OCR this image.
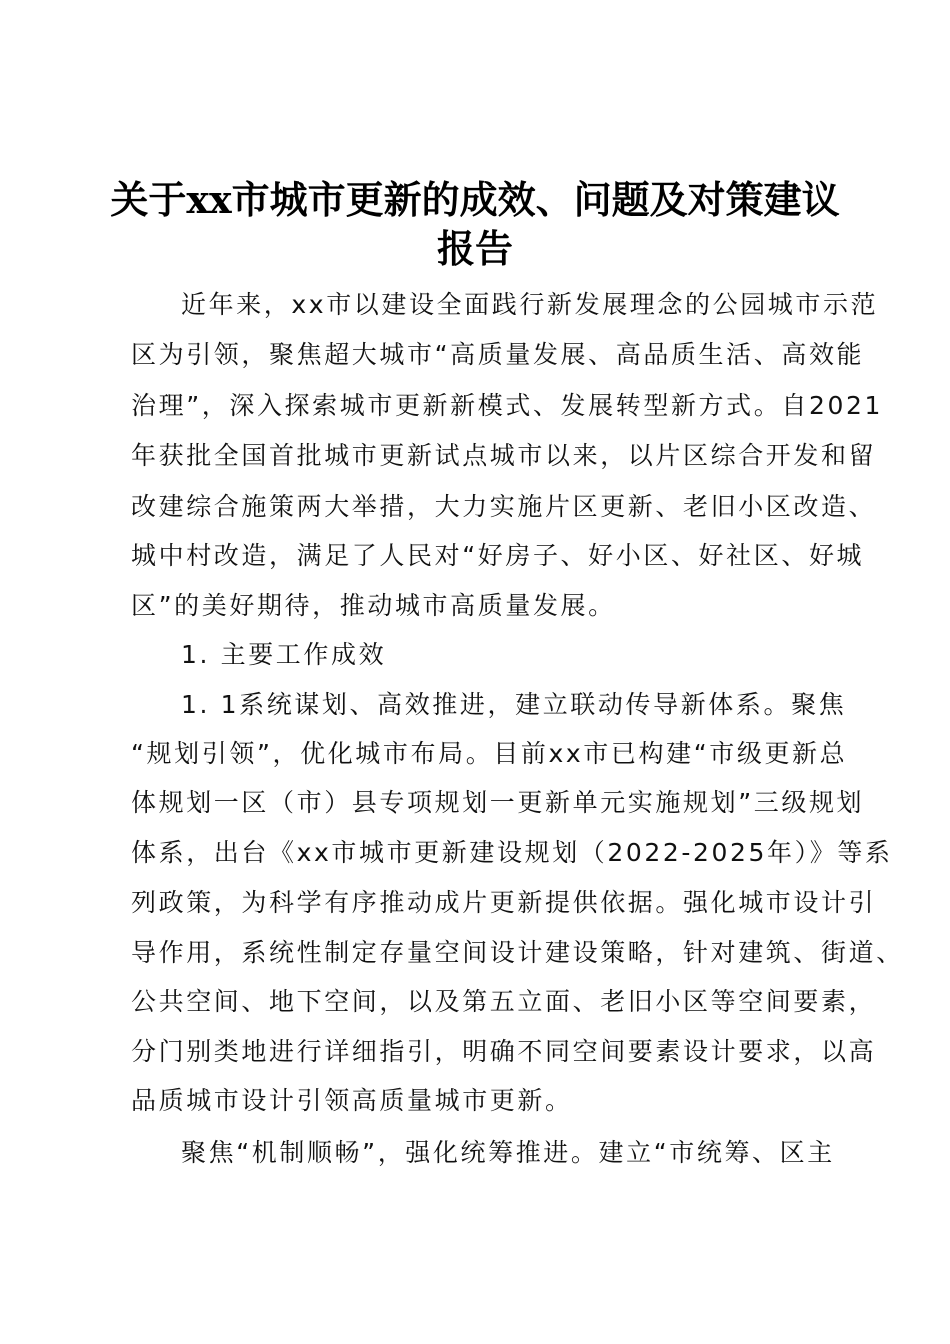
关于xx市城市更新的成效、问题及对策建议
报告
近年来，xx市以建设全面践行新发展理念的公园城市示范
区为引领，聚焦超大城市“高质量发展、高品质生活、高效能
治理”，深入探索城市更新新模式、发展转型新方式。自2021
年获批全国首批城市更新试点城市以来，以片区综合开发和留
改建综合施策两大举措，大力实施片区更新、老旧小区改造、
城中村改造，满足了人民对“好房子、好小区、好社区、好城
区”的美好期待，推动城市高质量发展。
1. 主要工作成效
1. 1系统谋划、高效推进，建立联动传导新体系。聚焦
“规划引领”，优化城市布局。目前xx市已构建“市级更新总
体规划一区（市）县专项规划一更新单元实施规划”三级规划
体系，出台《xx市城市更新建设规划（2022-2025年）》等系
列政策，为科学有序推动成片更新提供依据。强化城市设计引
导作用，系统性制定存量空间设计建设策略，针对建筑、街道、
公共空间、地下空间，以及第五立面、老旧小区等空间要素，
分门别类地进行详细指引，明确不同空间要素设计要求，以高
品质城市设计引领高质量城市更新。
聚焦“机制顺畅”，强化统筹推进。建立“市统筹、区主
